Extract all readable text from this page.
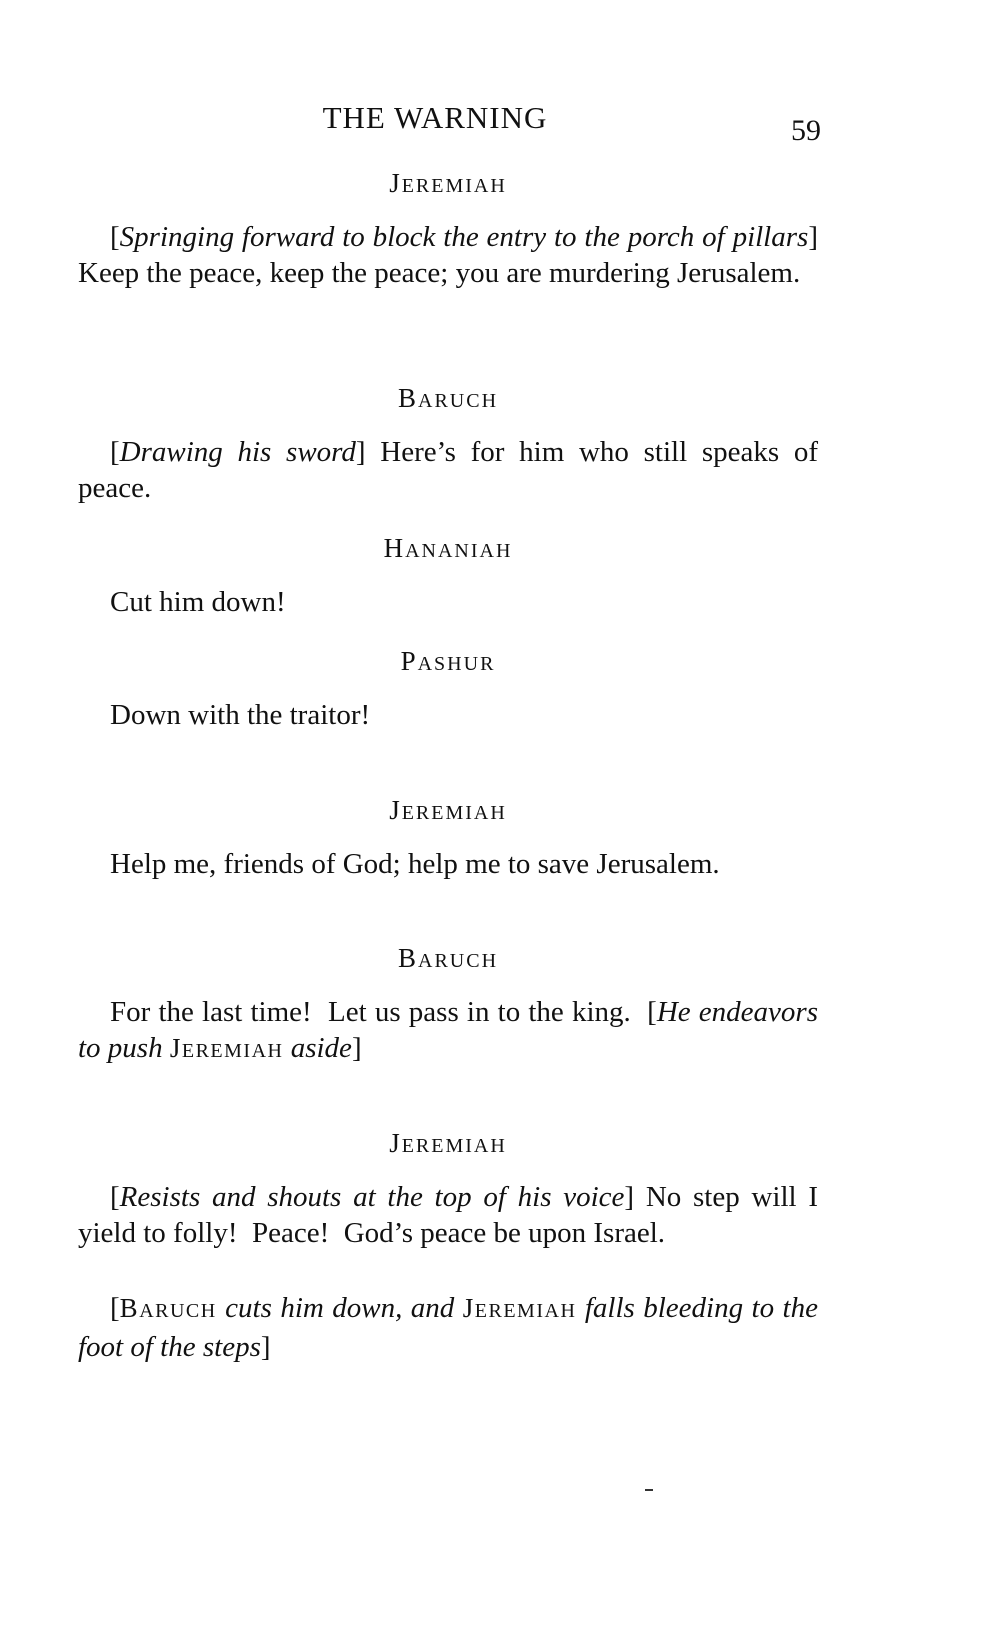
THE WARNING	59
JEREMIAH
[Springing forward to block the entry to the porch of pillars] Keep the peace, keep the peace; you are murdering Jerusalem.
BARUCH
[Drawing his sword] Here’s for him who still speaks of peace.
HANANIAH
Cut him down!
PASHUR
Down with the traitor!
JEREMIAH
Help me, friends of God; help me to save Jerusalem.
BARUCH
For the last time!  Let us pass in to the king.  [He endeavors to push JEREMIAH aside]
JEREMIAH
[Resists and shouts at the top of his voice] No step will I yield to folly!  Peace!  God’s peace be upon Israel.
[BARUCH cuts him down, and JEREMIAH falls bleeding to the foot of the steps]
